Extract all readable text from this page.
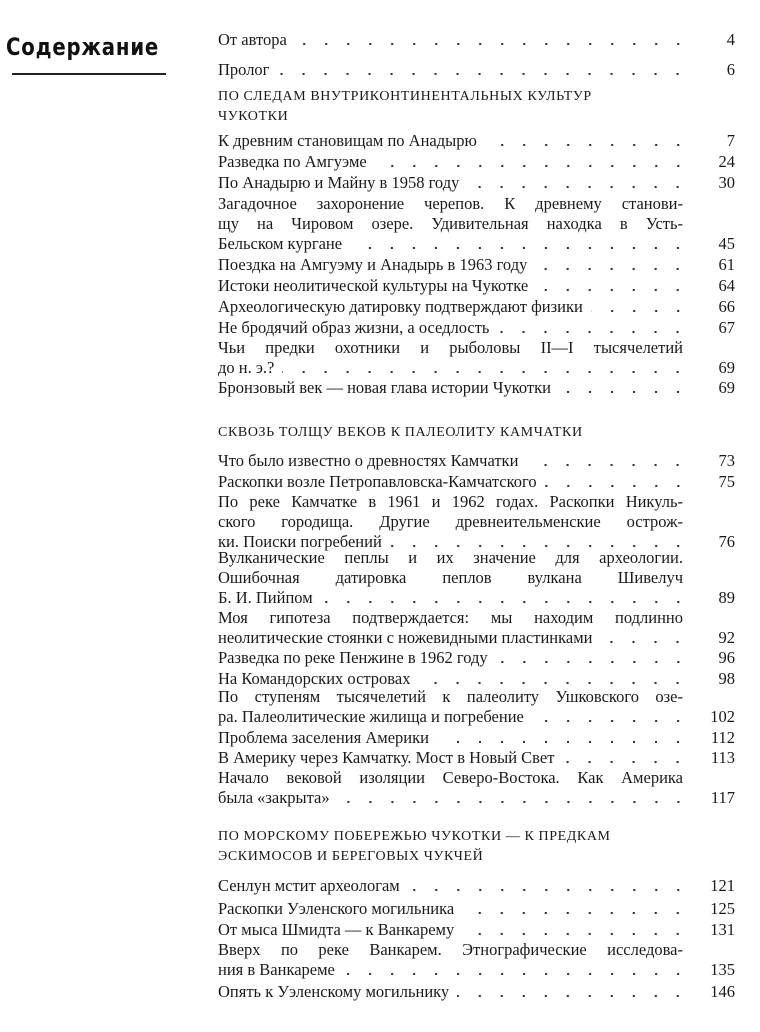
Содержание	От автора	4
Пролог	6
ПО СЛЕДАМ ВНУТРИКОНТИНЕНТАЛЬНЫХ КУЛЬТУР
ЧУКОТКИ
К древним становищам по Анадырю	7
Разведка по Амгуэме	24
По Анадырю и Майну в 1958 году	30
Загадочное захоронение черепов. К древнему станови-
щу на Чировом озере. Удивительная находка в Усть-
Бельском кургане	45
Поездка на Амгуэму и Анадырь в 1963 году	61
Истоки неолитической культуры на Чукотке	64
Археологическую датировку подтверждают физики	66
Не бродячий образ жизни, а оседлость	67
Чьи предки охотники и рыболовы II—I тысячелетий
до н. э.?	69
Бронзовый век — новая глава истории Чукотки	69
СКВОЗЬ ТОЛЩУ ВЕКОВ К ПАЛЕОЛИТУ КАМЧАТКИ
Что было известно о древностях Камчатки	73
Раскопки возле Петропавловска-Камчатского	75
По реке Камчатке в 1961 и 1962 годах. Раскопки Никуль-
ского городища. Другие древнеительменские острож-
ки. Поиски погребений	76
Вулканические пеплы и их значение для археологии.
Ошибочная датировка пеплов вулкана Шивелуч
Б. И. Пийпом	89
Моя гипотеза подтверждается: мы находим подлинно
неолитические стоянки с ножевидными пластинками	92
Разведка по реке Пенжине в 1962 году	96
На Командорских островах	98
По ступеням тысячелетий к палеолиту Ушковского озе-
ра. Палеолитические жилища и погребение	102
Проблема заселения Америки	112
В Америку через Камчатку. Мост в Новый Свет	113
Начало вековой изоляции Северо-Востока. Как Америка
была «закрыта»	117
ПО МОРСКОМУ ПОБЕРЕЖЬЮ ЧУКОТКИ — К ПРЕДКАМ
ЭСКИМОСОВ И БЕРЕГОВЫХ ЧУКЧЕЙ
Сенлун мстит археологам	121
Раскопки Уэленского могильника	125
От мыса Шмидта — к Ванкарему	131
Вверх по реке Ванкарем. Этнографические исследова-
ния в Ванкареме	135
Опять к Уэленскому могильнику	146
